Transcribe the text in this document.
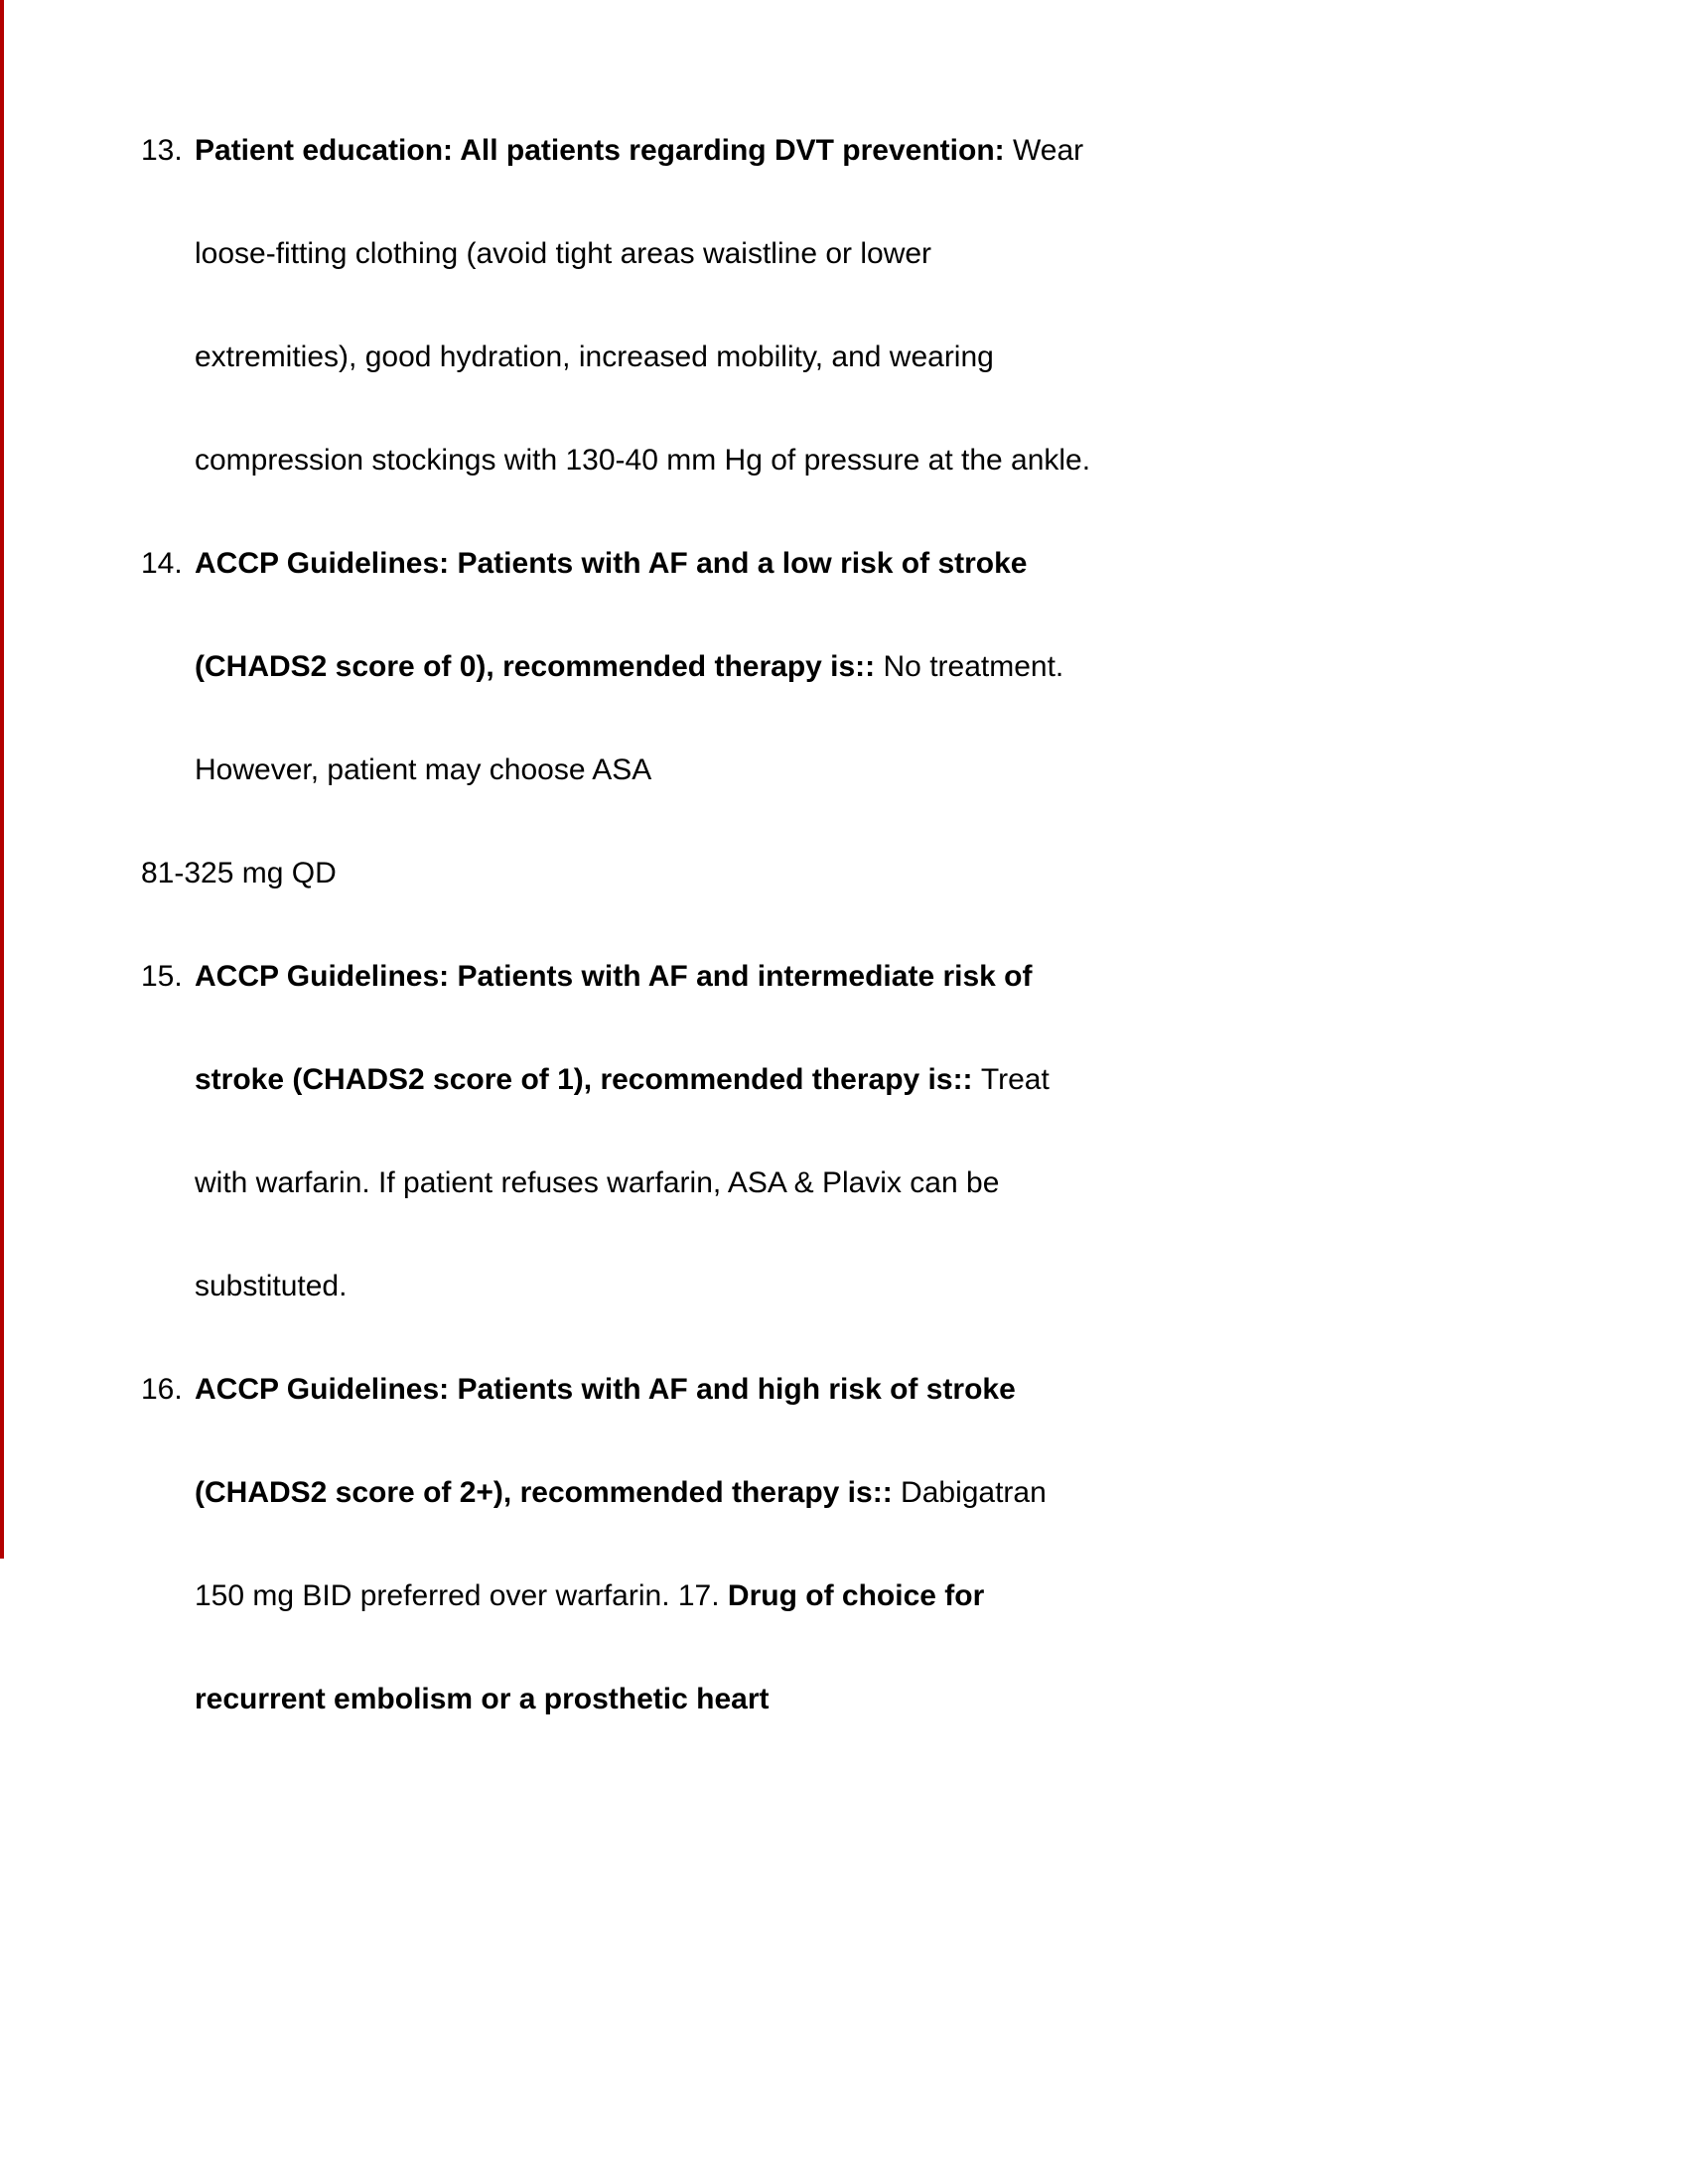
13. Patient education: All patients regarding DVT prevention: Wear loose-fitting clothing (avoid tight areas waistline or lower extremities), good hydration, increased mobility, and wearing compression stockings with 130-40 mm Hg of pressure at the ankle.

14. ACCP Guidelines: Patients with AF and a low risk of stroke (CHADS2 score of 0), recommended therapy is:: No treatment. However, patient may choose ASA

81-325 mg QD

15. ACCP Guidelines: Patients with AF and intermediate risk of stroke (CHADS2 score of 1), recommended therapy is:: Treat with warfarin. If patient refuses warfarin, ASA & Plavix can be substituted.

16. ACCP Guidelines: Patients with AF and high risk of stroke (CHADS2 score of 2+), recommended therapy is:: Dabigatran 150 mg BID preferred over warfarin. 17. Drug of choice for recurrent embolism or a prosthetic heart
